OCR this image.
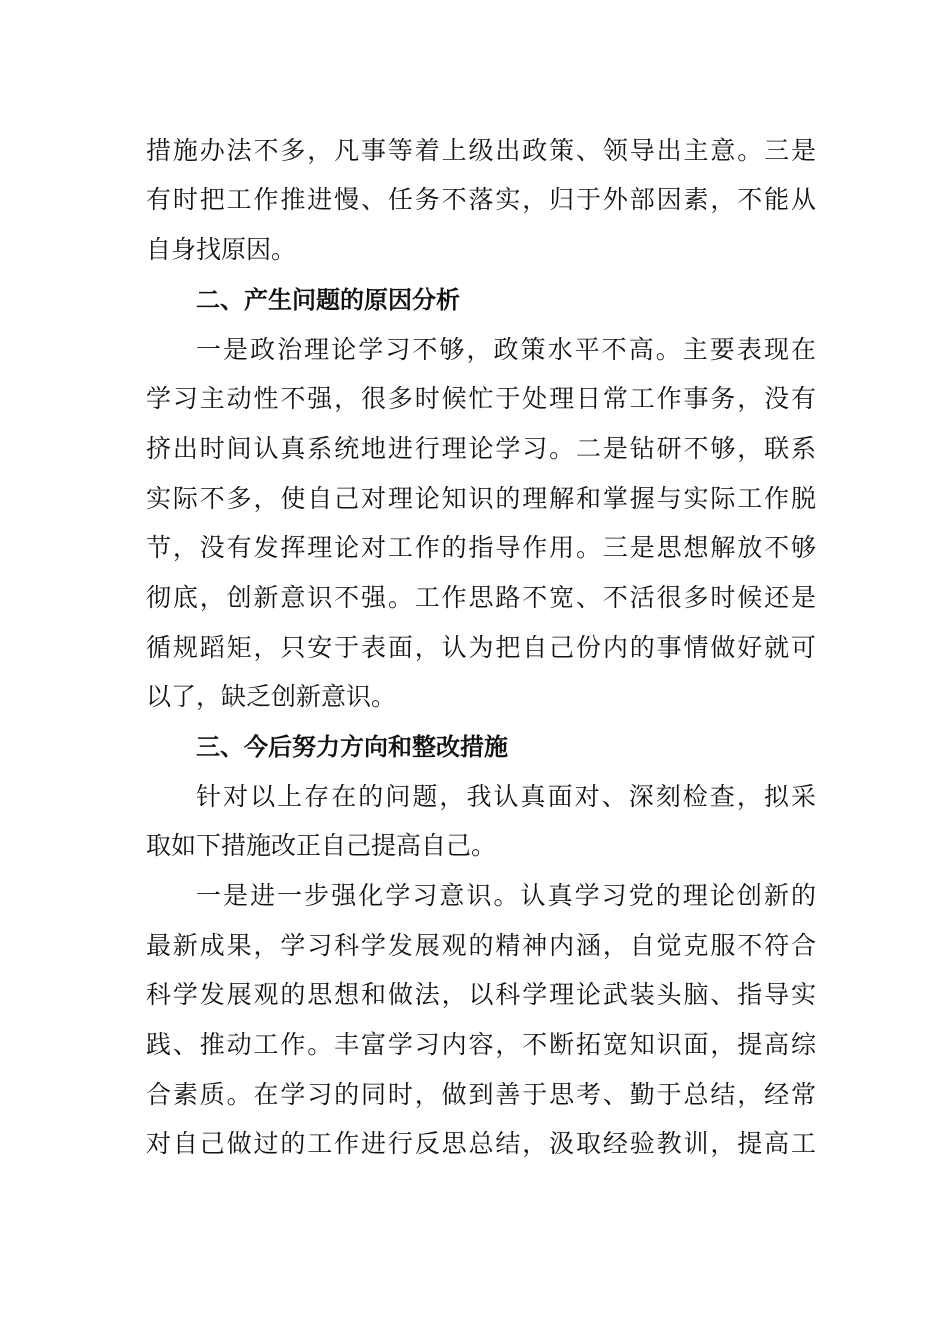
措施办法不多，凡事等着上级出政策、领导出主意。三是
有时把工作推进慢、任务不落实，归于外部因素，不能从
自身找原因。
二、产生问题的原因分析
一是政治理论学习不够，政策水平不高。主要表现在
学习主动性不强，很多时候忙于处理日常工作事务，没有
挤出时间认真系统地进行理论学习。二是钻研不够，联系
实际不多，使自己对理论知识的理解和掌握与实际工作脱
节，没有发挥理论对工作的指导作用。三是思想解放不够
彻底，创新意识不强。工作思路不宽、不活很多时候还是
循规蹈矩，只安于表面，认为把自己份内的事情做好就可
以了，缺乏创新意识。
三、今后努力方向和整改措施
针对以上存在的问题，我认真面对、深刻检查，拟采
取如下措施改正自己提高自己。
一是进一步强化学习意识。认真学习党的理论创新的
最新成果，学习科学发展观的精神内涵，自觉克服不符合
科学发展观的思想和做法，以科学理论武装头脑、指导实
践、推动工作。丰富学习内容，不断拓宽知识面，提高综
合素质。在学习的同时，做到善于思考、勤于总结，经常
对自己做过的工作进行反思总结，汲取经验教训，提高工
